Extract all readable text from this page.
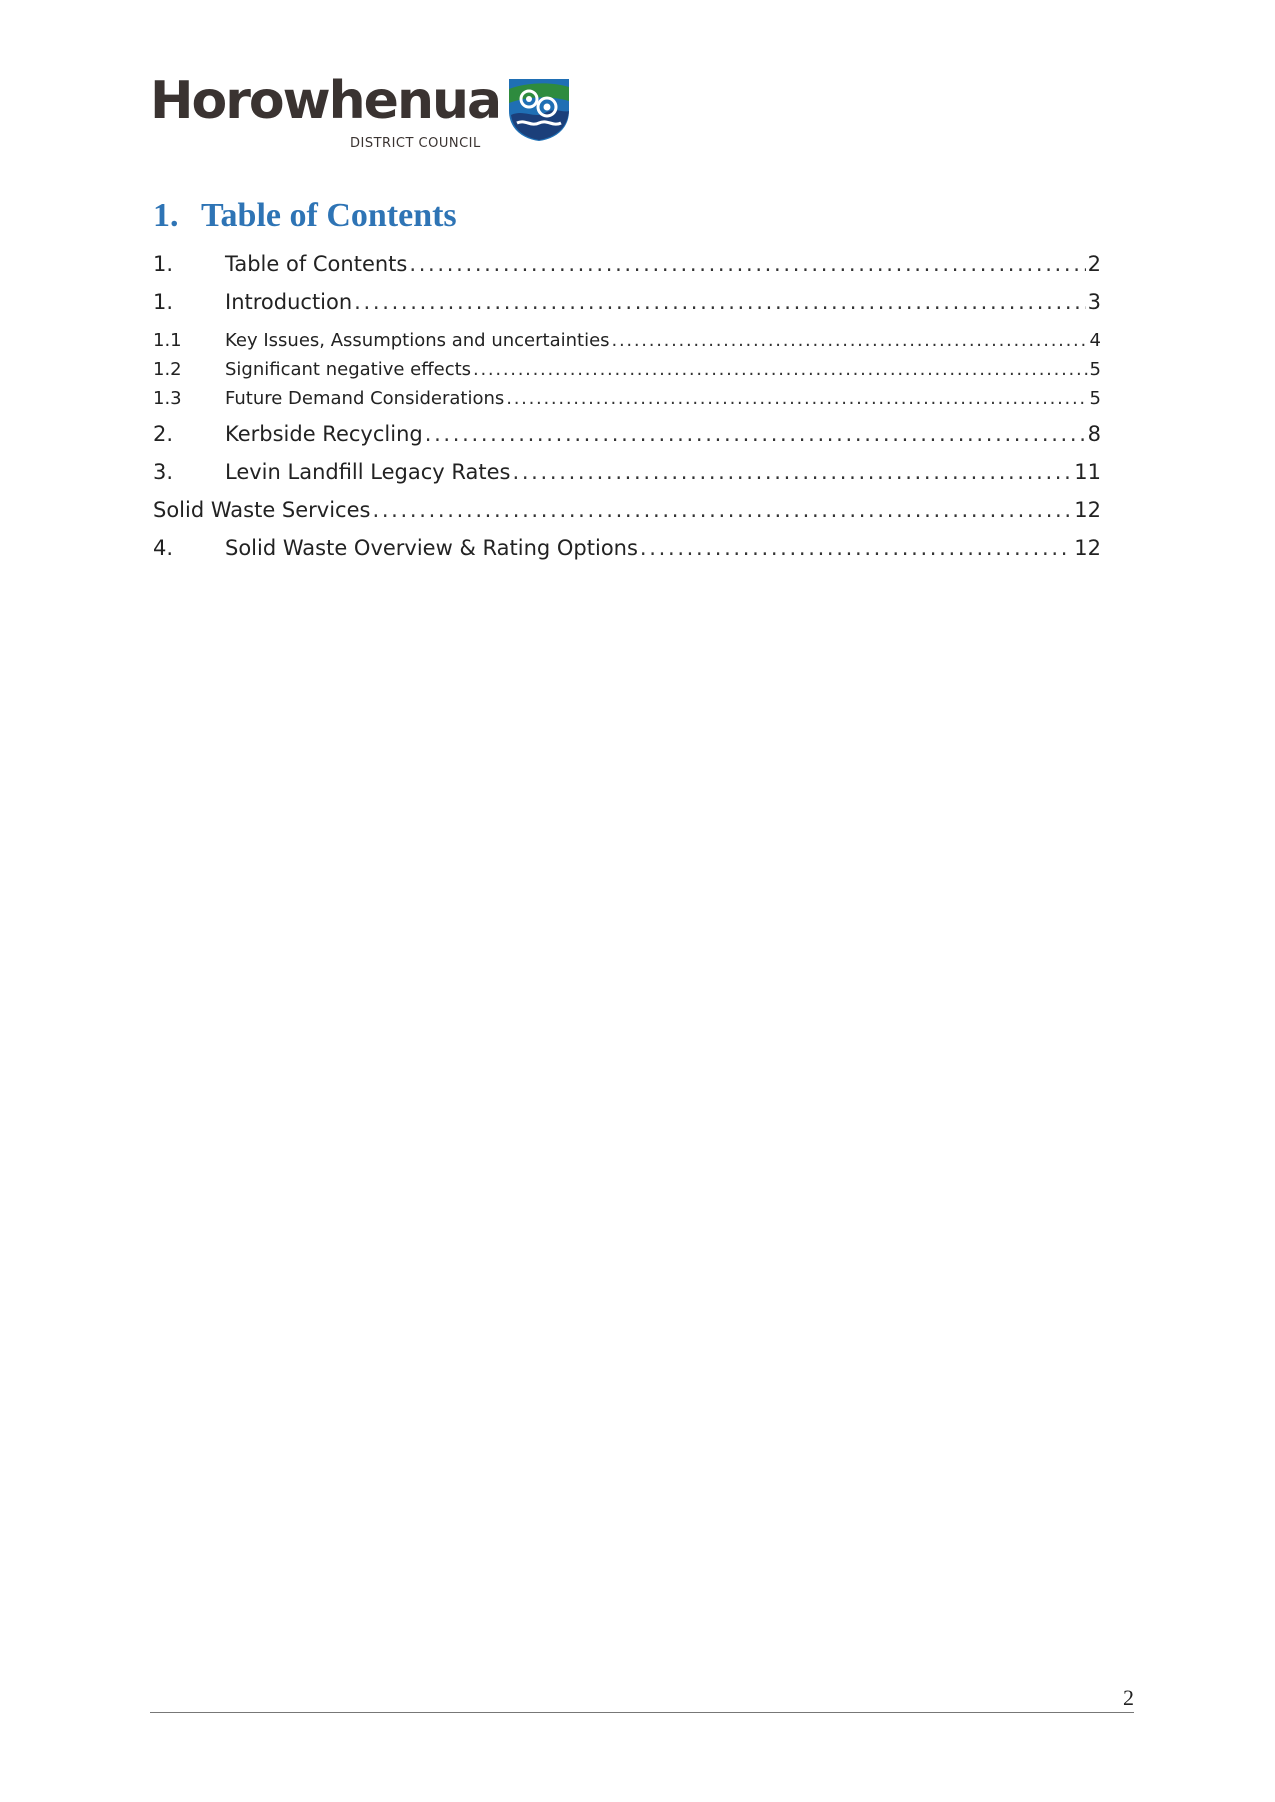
Horowhenua
DISTRICT COUNCIL
1. Table of Contents
1.	Table of Contents . . .	2
1.	Introduction . . .	3
1.1	Key Issues, Assumptions and uncertainties . . .	4
1.2	Significant negative effects . . .	5
1.3	Future Demand Considerations . . .	5
2.	Kerbside Recycling . . .	8
3.	Levin Landfill Legacy Rates . . .	11
Solid Waste Services . . .	12
4.	Solid Waste Overview & Rating Options . . .	12
2
